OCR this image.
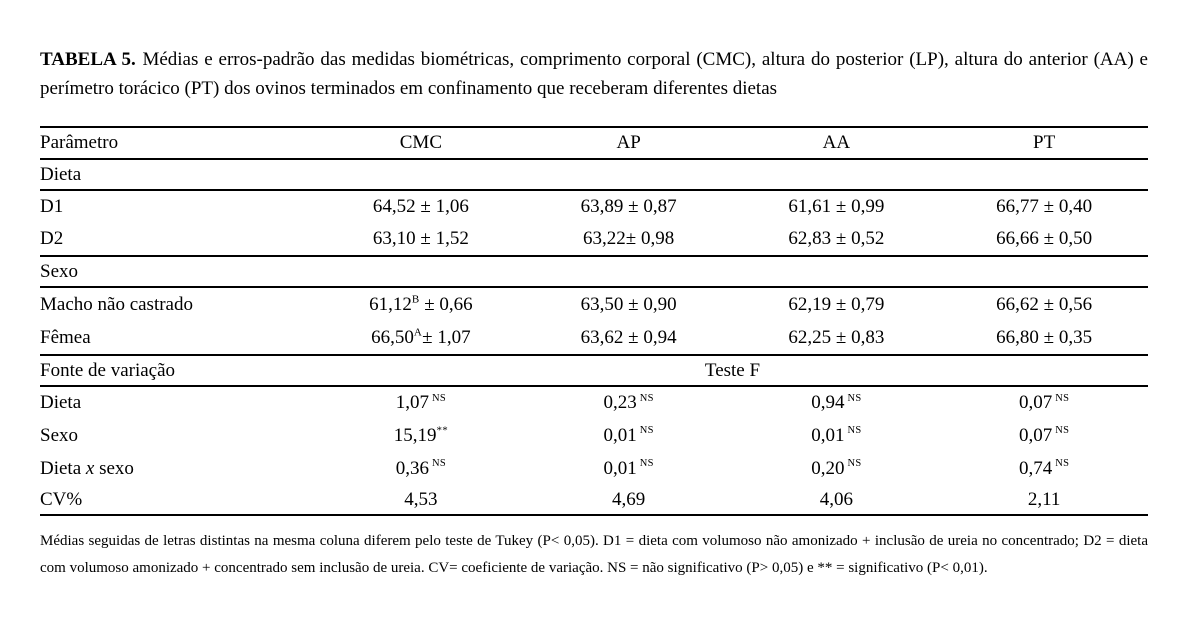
TABELA 5. Médias e erros-padrão das medidas biométricas, comprimento corporal (CMC), altura do posterior (LP), altura do anterior (AA) e perímetro torácico (PT) dos ovinos terminados em confinamento que receberam diferentes dietas

Parâmetro	CMC	AP	AA	PT
Dieta				
D1	64,52 ± 1,06	63,89 ± 0,87	61,61 ± 0,99	66,77 ± 0,40
D2	63,10 ± 1,52	63,22± 0,98	62,83 ± 0,52	66,66 ± 0,50
Sexo				
Macho não castrado	$61,12^B \pm 0,66$	63,50 ± 0,90	62,19 ± 0,79	66,62 ± 0,56
Fêmea	$66,50^A\pm 1,07$	63,62 ± 0,94	62,25 ± 0,83	66,80 ± 0,35
Fonte de variação	Teste F			
Dieta	1,07 $^{NS}$	0,23 $^{NS}$	0,94 $^{NS}$	0,07 $^{NS}$
Sexo	15,19**	0,01 $^{NS}$	0,01 $^{NS}$	0,07 $^{NS}$
Dieta x sexo	0,36 $^{NS}$	0,01 $^{NS}$	0,20 $^{NS}$	0,74 $^{NS}$
CV%	4,53	4,69	4,06	2,11

Médias seguidas de letras distintas na mesma coluna diferem pelo teste de Tukey (P< 0,05). D1 = dieta com volumoso não amonizado + inclusão de ureia no concentrado; D2 = dieta com volumoso amonizado + concentrado sem inclusão de ureia. CV= coeficiente de variação. NS = não significativo (P> 0,05) e ** = significativo (P< 0,01).
